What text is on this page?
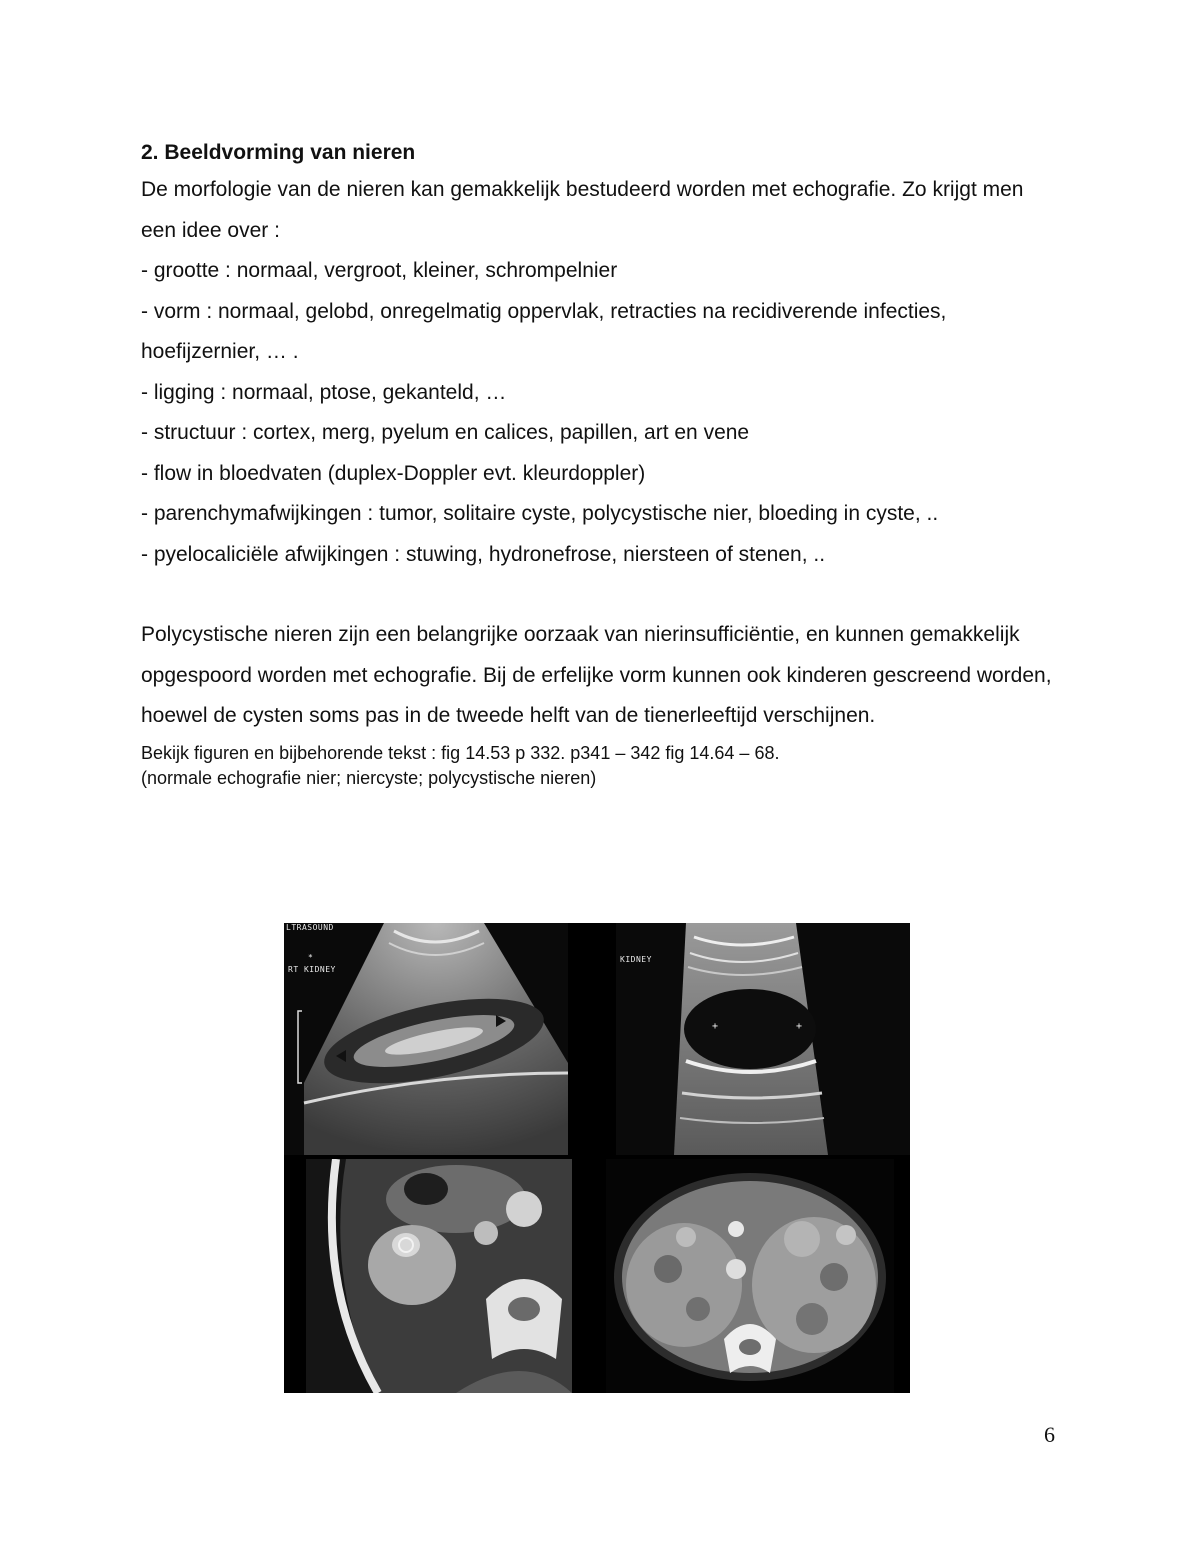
2. Beeldvorming van nieren

De morfologie van de nieren kan gemakkelijk bestudeerd worden met echografie. Zo krijgt men een idee over :

- grootte : normaal, vergroot, kleiner, schrompelnier
- vorm : normaal, gelobd, onregelmatig oppervlak, retracties na recidiverende infecties,
hoefijzernier, … .
- ligging : normaal, ptose, gekanteld, …
- structuur : cortex, merg, pyelum en calices, papillen, art en vene
- flow in bloedvaten (duplex-Doppler evt. kleurdoppler)
- parenchymafwijkingen : tumor, solitaire cyste, polycystische nier, bloeding in cyste, ..
- pyelocaliciële afwijkingen : stuwing, hydronefrose, niersteen of stenen, ..

Polycystische nieren zijn een belangrijke oorzaak van nierinsufficiëntie, en kunnen gemakkelijk opgespoord worden met echografie. Bij de erfelijke vorm kunnen ook kinderen gescreend worden, hoewel de cysten soms pas in de tweede helft van de tienerleeftijd verschijnen.

Bekijk figuren en bijbehorende tekst : fig 14.53 p 332. p341 – 342 fig 14.64 – 68.
(normale echografie nier; niercyste; polycystische nieren)

LTRASOUND
*
RT KIDNEY
+	+
KIDNEY
6
